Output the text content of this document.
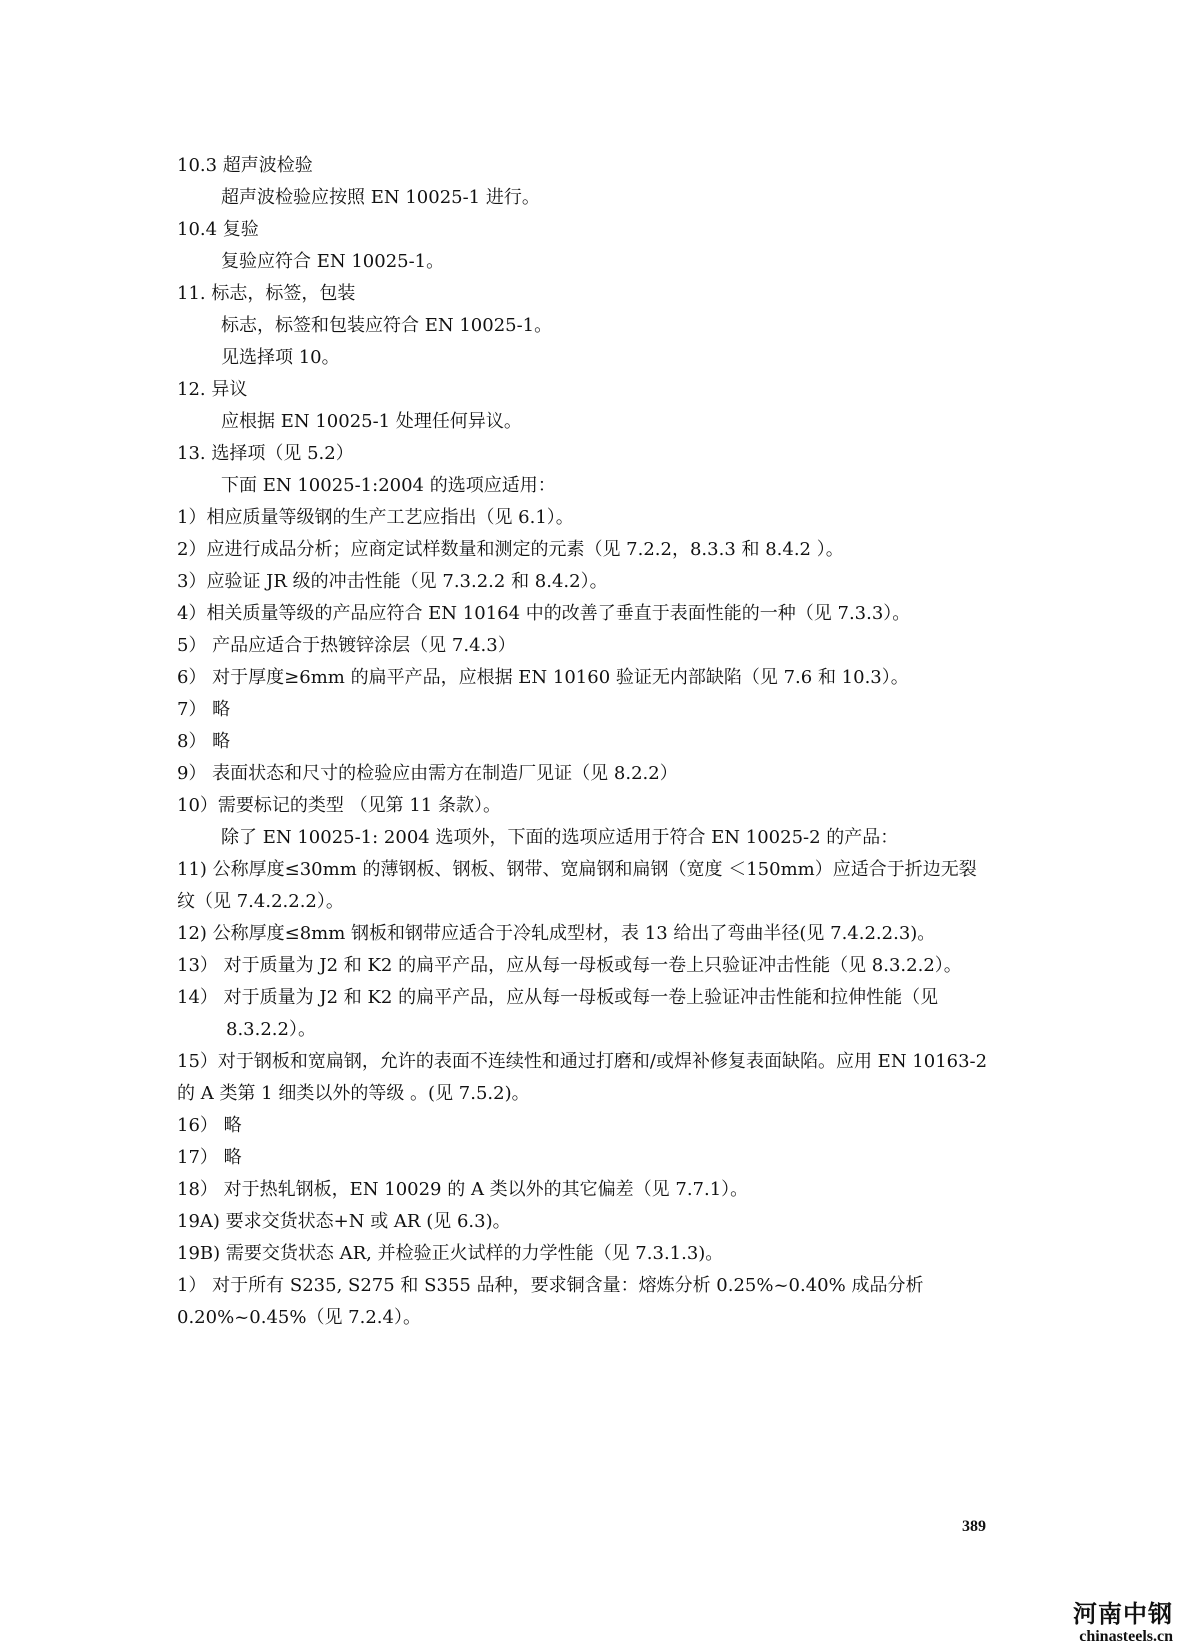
10.3 超声波检验

超声波检验应按照 EN 10025-1 进行。

10.4 复验

复验应符合 EN 10025-1。

11. 标志，标签，包装

标志，标签和包装应符合 EN 10025-1。

见选择项 10。

12. 异议

应根据 EN 10025-1 处理任何异议。

13. 选择项（见 5.2）

下面 EN 10025-1:2004 的选项应适用：

1）相应质量等级钢的生产工艺应指出（见 6.1）。

2）应进行成品分析；应商定试样数量和测定的元素（见 7.2.2，8.3.3 和 8.4.2 ）。

3）应验证 JR 级的冲击性能（见 7.3.2.2 和 8.4.2）。

4）相关质量等级的产品应符合 EN 10164 中的改善了垂直于表面性能的一种（见 7.3.3）。

5） 产品应适合于热镀锌涂层（见 7.4.3）

6） 对于厚度≥6mm 的扁平产品，应根据 EN 10160 验证无内部缺陷（见 7.6 和 10.3）。

7） 略

8） 略

9） 表面状态和尺寸的检验应由需方在制造厂见证（见 8.2.2）

10）需要标记的类型 （见第 11 条款）。

除了 EN 10025-1: 2004 选项外，下面的选项应适用于符合 EN 10025-2 的产品：

11) 公称厚度≤30mm 的薄钢板、钢板、钢带、宽扁钢和扁钢（宽度 ＜150mm）应适合于折边无裂纹（见 7.4.2.2.2）。

12) 公称厚度≤8mm 钢板和钢带应适合于冷轧成型材，表 13 给出了弯曲半径(见 7.4.2.2.3)。

13） 对于质量为 J2 和 K2 的扁平产品，应从每一母板或每一卷上只验证冲击性能（见 8.3.2.2）。

14） 对于质量为 J2 和 K2 的扁平产品，应从每一母板或每一卷上验证冲击性能和拉伸性能（见 8.3.2.2）。

15）对于钢板和宽扁钢，允许的表面不连续性和通过打磨和/或焊补修复表面缺陷。应用 EN 10163-2 的 A 类第 1 细类以外的等级 。(见 7.5.2)。

16） 略

17） 略

18） 对于热轧钢板，EN 10029 的 A 类以外的其它偏差（见 7.7.1）。

19A) 要求交货状态+N 或 AR (见 6.3)。

19B) 需要交货状态 AR, 并检验正火试样的力学性能（见 7.3.1.3)。

1） 对于所有 S235, S275 和 S355 品种，要求铜含量：熔炼分析 0.25%~0.40% 成品分析 0.20%~0.45%（见 7.2.4）。

389
河南中钢
chinasteels.cn
